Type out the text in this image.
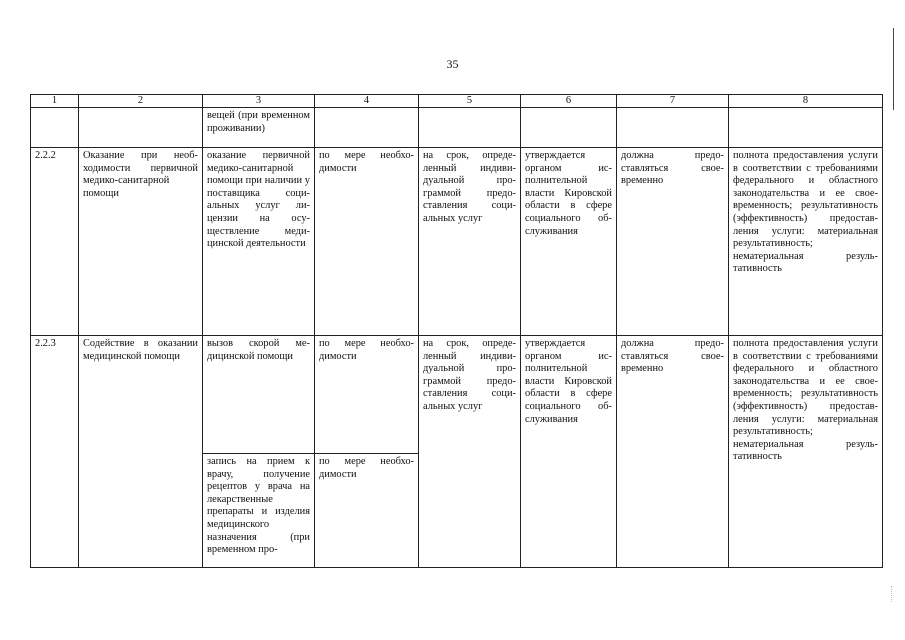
35
1	2	3	4	5	6	7	8
		вещей (при временном проживании)					
2.2.2	Оказание при необходимости первичной медико-санитарной помощи	оказание первичной медико-санитарной помощи при наличии у поставщика социальных услуг лицензии на осуществление медицинской деятельности	по мере необходимости	на срок, определенный индивидуальной программой предоставления социальных услуг	утверждается органом исполнительной власти Кировской области в сфере социального обслуживания	должна предоставляться своевременно	полнота предоставления услуги в соответствии с требованиями федерального и областного законодательства и ее своевременность; результативность (эффективность) предоставления услуги: материальная результативность; нематериальная результативность
2.2.3	Содействие в оказании медицинской помощи	вызов скорой медицинской помощи	по мере необходимости	на срок, определенный индивидуальной программой предоставления социальных услуг	утверждается органом исполнительной власти Кировской области в сфере социального обслуживания	должна предоставляться своевременно	полнота предоставления услуги в соответствии с требованиями федерального и областного законодательства и ее своевременность; результативность (эффективность) предоставления услуги: материальная результативность; нематериальная результативность
		запись на прием к врачу, получение рецептов у врача на лекарственные препараты и изделия медицинского назначения (при временном про-	по мере необходимости				
